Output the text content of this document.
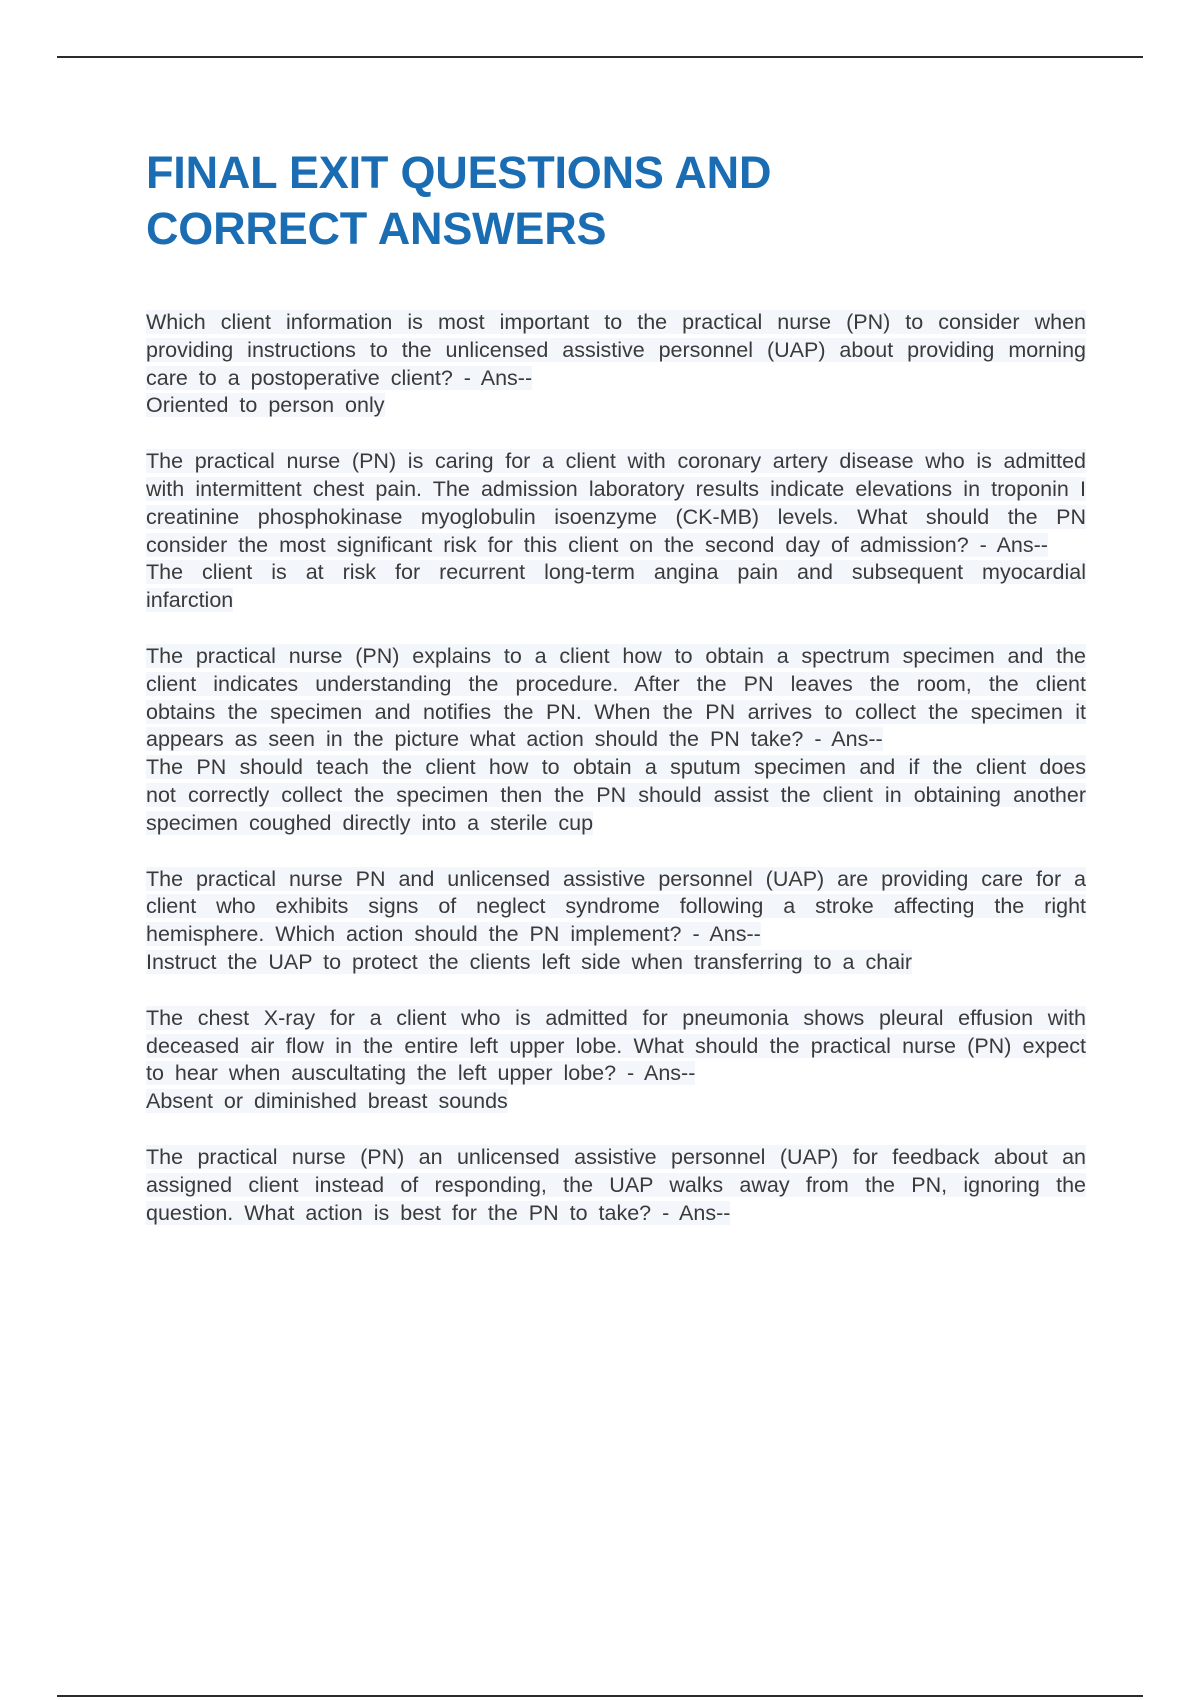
FINAL EXIT QUESTIONS AND
CORRECT ANSWERS
Which client information is most important to the practical nurse (PN) to consider when providing instructions to the unlicensed assistive personnel (UAP) about providing morning care to a postoperative client? - Ans--
Oriented to person only
The practical nurse (PN) is caring for a client with coronary artery disease who is admitted with intermittent chest pain. The admission laboratory results indicate elevations in troponin I creatinine phosphokinase myoglobulin isoenzyme (CK-MB) levels. What should the PN consider the most significant risk for this client on the second day of admission? - Ans--
The client is at risk for recurrent long-term angina pain and subsequent myocardial infarction
The practical nurse (PN) explains to a client how to obtain a spectrum specimen and the client indicates understanding the procedure. After the PN leaves the room, the client obtains the specimen and notifies the PN. When the PN arrives to collect the specimen it appears as seen in the picture what action should the PN take? - Ans--
The PN should teach the client how to obtain a sputum specimen and if the client does not correctly collect the specimen then the PN should assist the client in obtaining another specimen coughed directly into a sterile cup
The practical nurse PN and unlicensed assistive personnel (UAP) are providing care for a client who exhibits signs of neglect syndrome following a stroke affecting the right hemisphere. Which action should the PN implement? - Ans--
Instruct the UAP to protect the clients left side when transferring to a chair
The chest X-ray for a client who is admitted for pneumonia shows pleural effusion with deceased air flow in the entire left upper lobe. What should the practical nurse (PN) expect to hear when auscultating the left upper lobe? - Ans--
Absent or diminished breast sounds
The practical nurse (PN) an unlicensed assistive personnel (UAP) for feedback about an assigned client instead of responding, the UAP walks away from the PN, ignoring the question. What action is best for the PN to take? - Ans--
